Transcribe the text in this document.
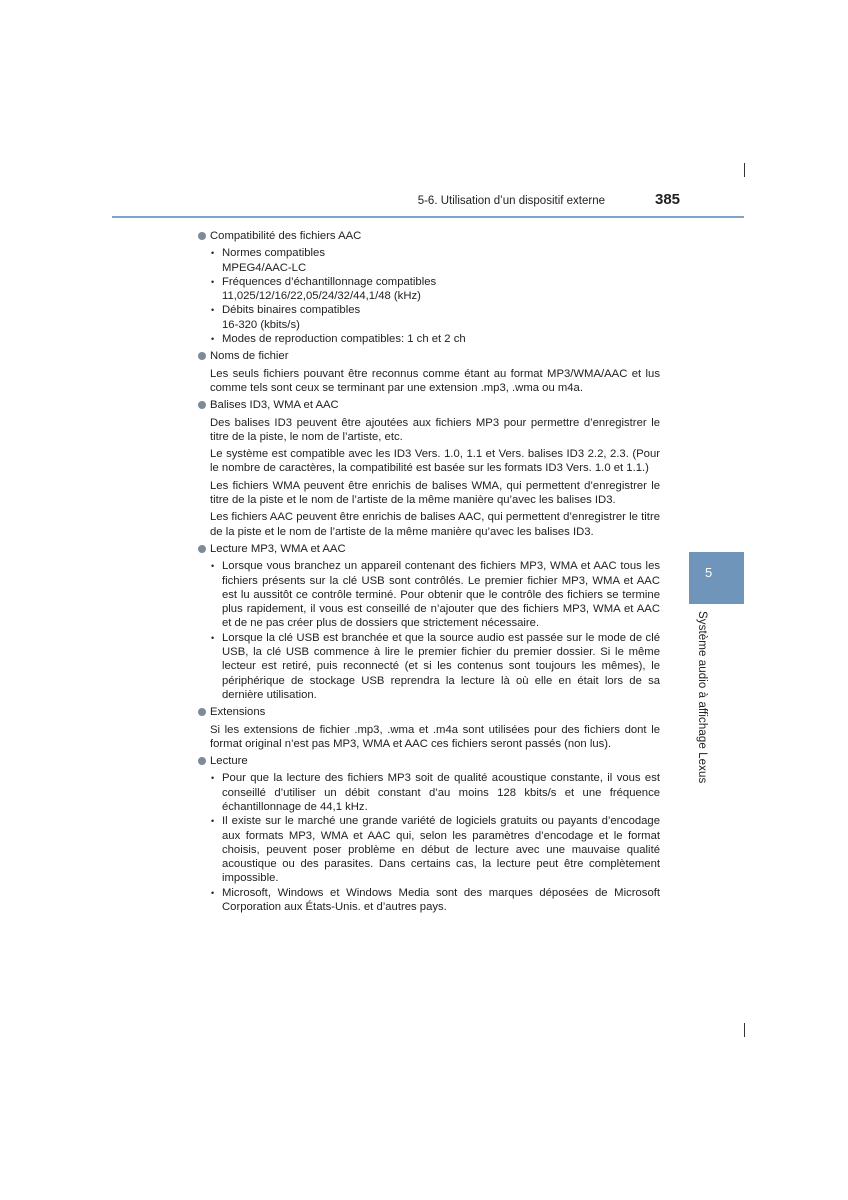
5-6. Utilisation d’un dispositif externe	385
5
Système audio à affichage Lexus
Compatibilité des fichiers AAC
• Normes compatibles
MPEG4/AAC-LC
• Fréquences d’échantillonnage compatibles
11,025/12/16/22,05/24/32/44,1/48 (kHz)
• Débits binaires compatibles
16-320 (kbits/s)
• Modes de reproduction compatibles: 1 ch et 2 ch
Noms de fichier

Les seuls fichiers pouvant être reconnus comme étant au format MP3/WMA/AAC et lus comme tels sont ceux se terminant par une extension .mp3, .wma ou m4a.

Balises ID3, WMA et AAC

Des balises ID3 peuvent être ajoutées aux fichiers MP3 pour permettre d’enregistrer le titre de la piste, le nom de l’artiste, etc.

Le système est compatible avec les ID3 Vers. 1.0, 1.1 et Vers. balises ID3 2.2, 2.3. (Pour le nombre de caractères, la compatibilité est basée sur les formats ID3 Vers. 1.0 et 1.1.)

Les fichiers WMA peuvent être enrichis de balises WMA, qui permettent d’enregistrer le titre de la piste et le nom de l’artiste de la même manière qu’avec les balises ID3.

Les fichiers AAC peuvent être enrichis de balises AAC, qui permettent d’enregistrer le titre de la piste et le nom de l’artiste de la même manière qu’avec les balises ID3.

Lecture MP3, WMA et AAC
• Lorsque vous branchez un appareil contenant des fichiers MP3, WMA et AAC tous les fichiers présents sur la clé USB sont contrôlés. Le premier fichier MP3, WMA et AAC est lu aussitôt ce contrôle terminé. Pour obtenir que le contrôle des fichiers se termine plus rapidement, il vous est conseillé de n’ajouter que des fichiers MP3, WMA et AAC et de ne pas créer plus de dossiers que strictement nécessaire.
• Lorsque la clé USB est branchée et que la source audio est passée sur le mode de clé USB, la clé USB commence à lire le premier fichier du premier dossier. Si le même lecteur est retiré, puis reconnecté (et si les contenus sont toujours les mêmes), le périphérique de stockage USB reprendra la lecture là où elle en était lors de sa dernière utilisation.
Extensions

Si les extensions de fichier .mp3, .wma et .m4a sont utilisées pour des fichiers dont le format original n’est pas MP3, WMA et AAC ces fichiers seront passés (non lus).

Lecture
• Pour que la lecture des fichiers MP3 soit de qualité acoustique constante, il vous est conseillé d’utiliser un débit constant d’au moins 128 kbits/s et une fréquence échantillonnage de 44,1 kHz.
• Il existe sur le marché une grande variété de logiciels gratuits ou payants d’encodage aux formats MP3, WMA et AAC qui, selon les paramètres d’encodage et le format choisis, peuvent poser problème en début de lecture avec une mauvaise qualité acoustique ou des parasites. Dans certains cas, la lecture peut être complètement impossible.
• Microsoft, Windows et Windows Media sont des marques déposées de Microsoft Corporation aux États-Unis. et d’autres pays.
